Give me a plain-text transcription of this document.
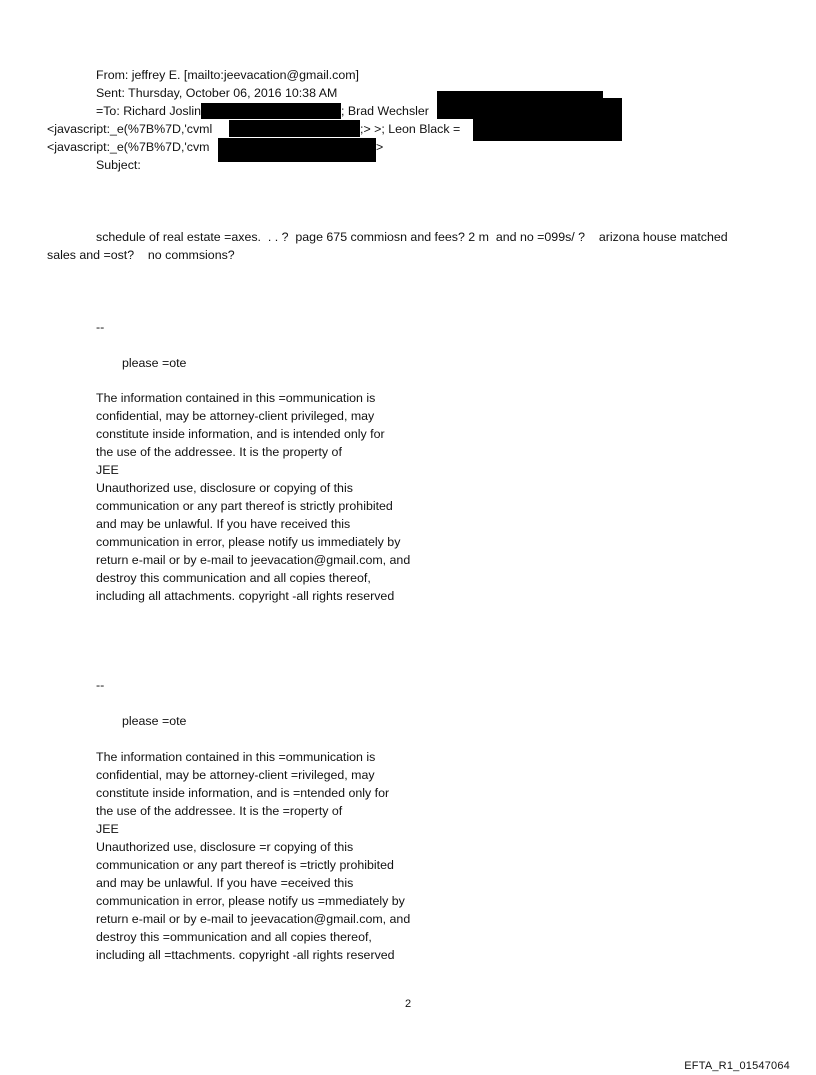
From: jeffrey E. [mailto:jeevacation@gmail.com]
Sent: Thursday, October 06, 2016 10:38 AM
=To: Richard Joslin	; Brad Wechsler
<javascript:_e(%7B%7D,'cvml	;> >; Leon Black =
<javascript:_e(%7B%7D,'cvm	>
Subject:
schedule of real estate =axes.  . . ?  page 675 commiosn and fees? 2 m  and no =099s/ ?    arizona house matched
sales and =ost?    no commsions?
--
please =ote
The information contained in this =ommunication is
confidential, may be attorney-client privileged, may
constitute inside information, and is intended only for
the use of the addressee. It is the property of
JEE
Unauthorized use, disclosure or copying of this
communication or any part thereof is strictly prohibited
and may be unlawful. If you have received this
communication in error, please notify us immediately by
return e-mail or by e-mail to jeevacation@gmail.com, and
destroy this communication and all copies thereof,
including all attachments. copyright -all rights reserved
--
please =ote
The information contained in this =ommunication is
confidential, may be attorney-client =rivileged, may
constitute inside information, and is =ntended only for
the use of the addressee. It is the =roperty of
JEE
Unauthorized use, disclosure =r copying of this
communication or any part thereof is =trictly prohibited
and may be unlawful. If you have =eceived this
communication in error, please notify us =mmediately by
return e-mail or by e-mail to jeevacation@gmail.com, and
destroy this =ommunication and all copies thereof,
including all =ttachments. copyright -all rights reserved
2
EFTA_R1_01547064
